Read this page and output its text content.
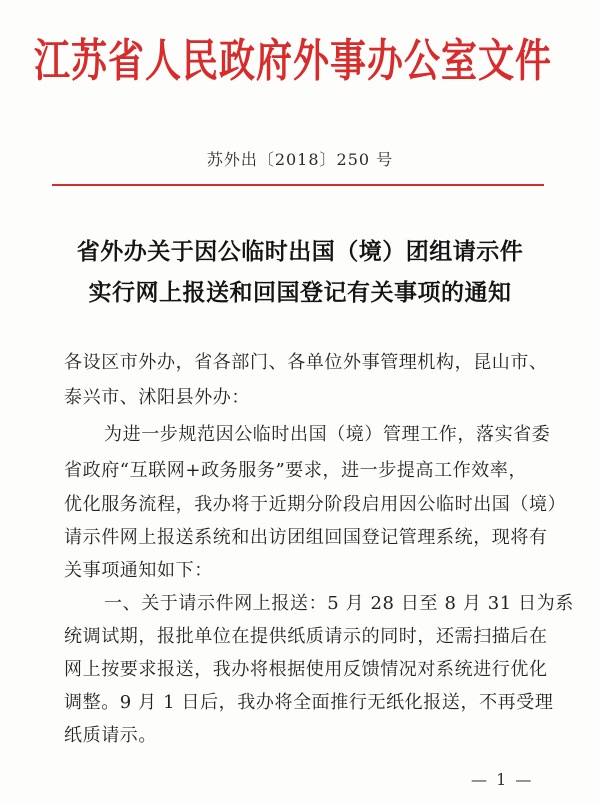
江苏省人民政府外事办公室文件
苏外出〔2018〕250 号
省外办关于因公临时出国（境）团组请示件
实行网上报送和回国登记有关事项的通知
各设区市外办，省各部门、各单位外事管理机构，昆山市、
泰兴市、沭阳县外办：
为进一步规范因公临时出国（境）管理工作，落实省委
省政府“互联网+政务服务”要求，进一步提高工作效率，
优化服务流程，我办将于近期分阶段启用因公临时出国（境）
请示件网上报送系统和出访团组回国登记管理系统，现将有
关事项通知如下：
一、关于请示件网上报送：5 月 28 日至 8 月 31 日为系
统调试期，报批单位在提供纸质请示的同时，还需扫描后在
网上按要求报送，我办将根据使用反馈情况对系统进行优化
调整。9 月 1 日后，我办将全面推行无纸化报送，不再受理
纸质请示。
— 1 —
